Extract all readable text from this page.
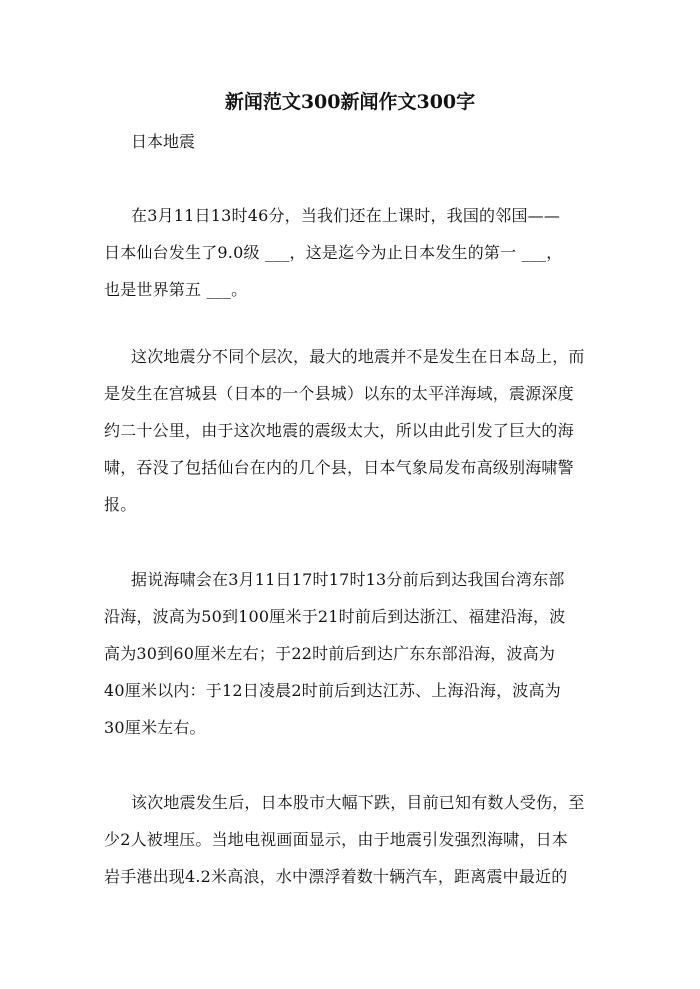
新闻范文300新闻作文300字

日本地震

在3月11日13时46分，当我们还在上课时，我国的邻国——
日本仙台发生了9.0级 ___，这是迄今为止日本发生的第一 ___，
也是世界第五 ___。

这次地震分不同个层次，最大的地震并不是发生在日本岛上，而
是发生在宫城县（日本的一个县城）以东的太平洋海域，震源深度
约二十公里，由于这次地震的震级太大，所以由此引发了巨大的海
啸，吞没了包括仙台在内的几个县，日本气象局发布高级别海啸警
报。

据说海啸会在3月11日17时17时13分前后到达我国台湾东部
沿海，波高为50到100厘米于21时前后到达浙江、福建沿海，波
高为30到60厘米左右；于22时前后到达广东东部沿海，波高为
40厘米以内：于12日凌晨2时前后到达江苏、上海沿海，波高为
30厘米左右。

该次地震发生后，日本股市大幅下跌，目前已知有数人受伤，至
少2人被埋压。当地电视画面显示，由于地震引发强烈海啸，日本
岩手港出现4.2米高浪，水中漂浮着数十辆汽车，距离震中最近的
